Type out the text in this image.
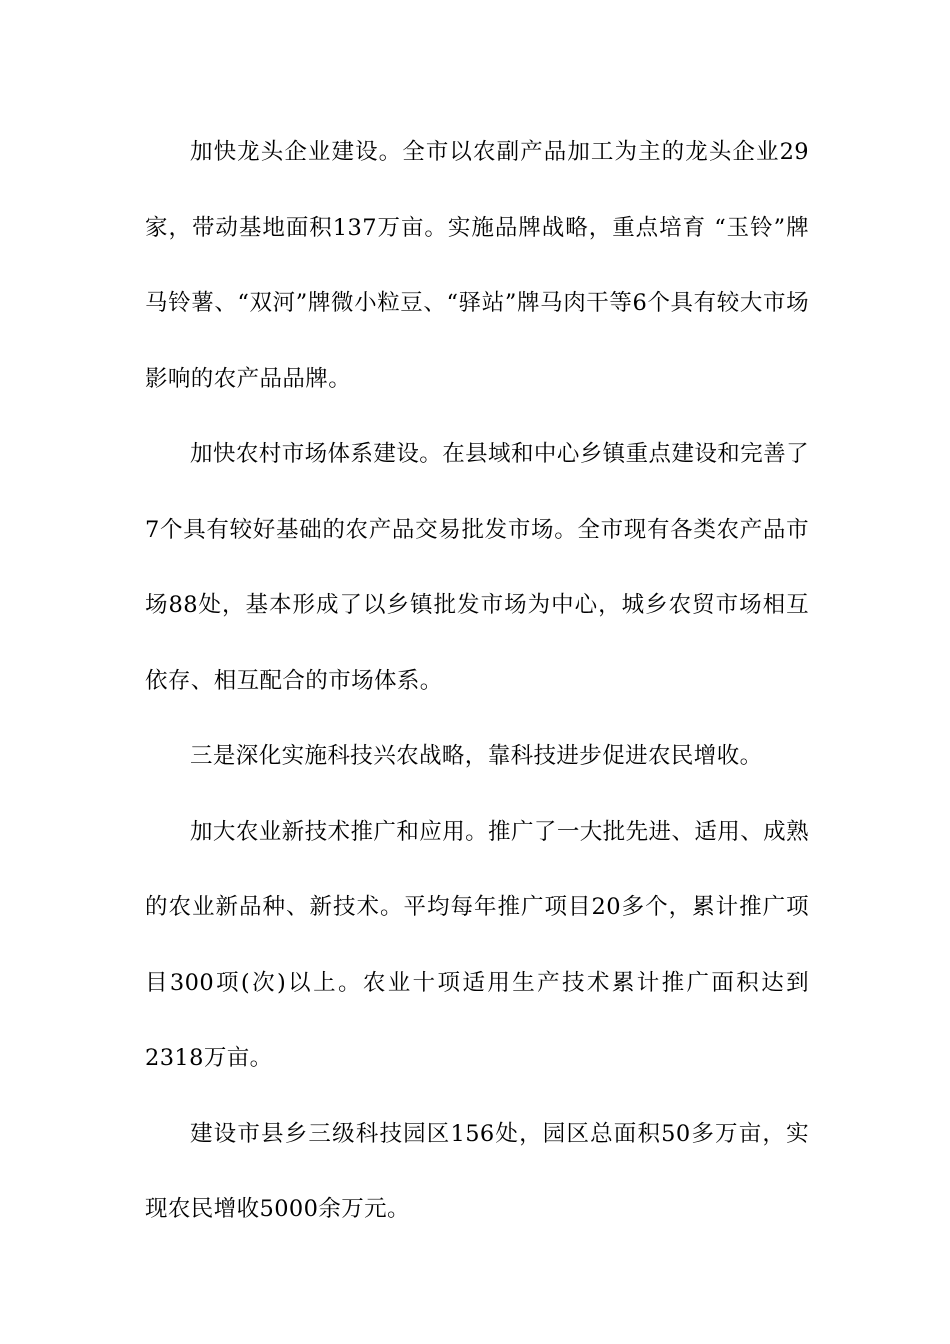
加快龙头企业建设。全市以农副产品加工为主的龙头企业29家，带动基地面积137万亩。实施品牌战略，重点培育 “玉铃”牌马铃薯、“双河”牌微小粒豆、“驿站”牌马肉干等6个具有较大市场影响的农产品品牌。

加快农村市场体系建设。在县域和中心乡镇重点建设和完善了7个具有较好基础的农产品交易批发市场。全市现有各类农产品市场88处，基本形成了以乡镇批发市场为中心，城乡农贸市场相互依存、相互配合的市场体系。

三是深化实施科技兴农战略，靠科技进步促进农民增收。

加大农业新技术推广和应用。推广了一大批先进、适用、成熟的农业新品种、新技术。平均每年推广项目20多个，累计推广项目300项(次)以上。农业十项适用生产技术累计推广面积达到2318万亩。

建设市县乡三级科技园区156处，园区总面积50多万亩，实现农民增收5000余万元。
